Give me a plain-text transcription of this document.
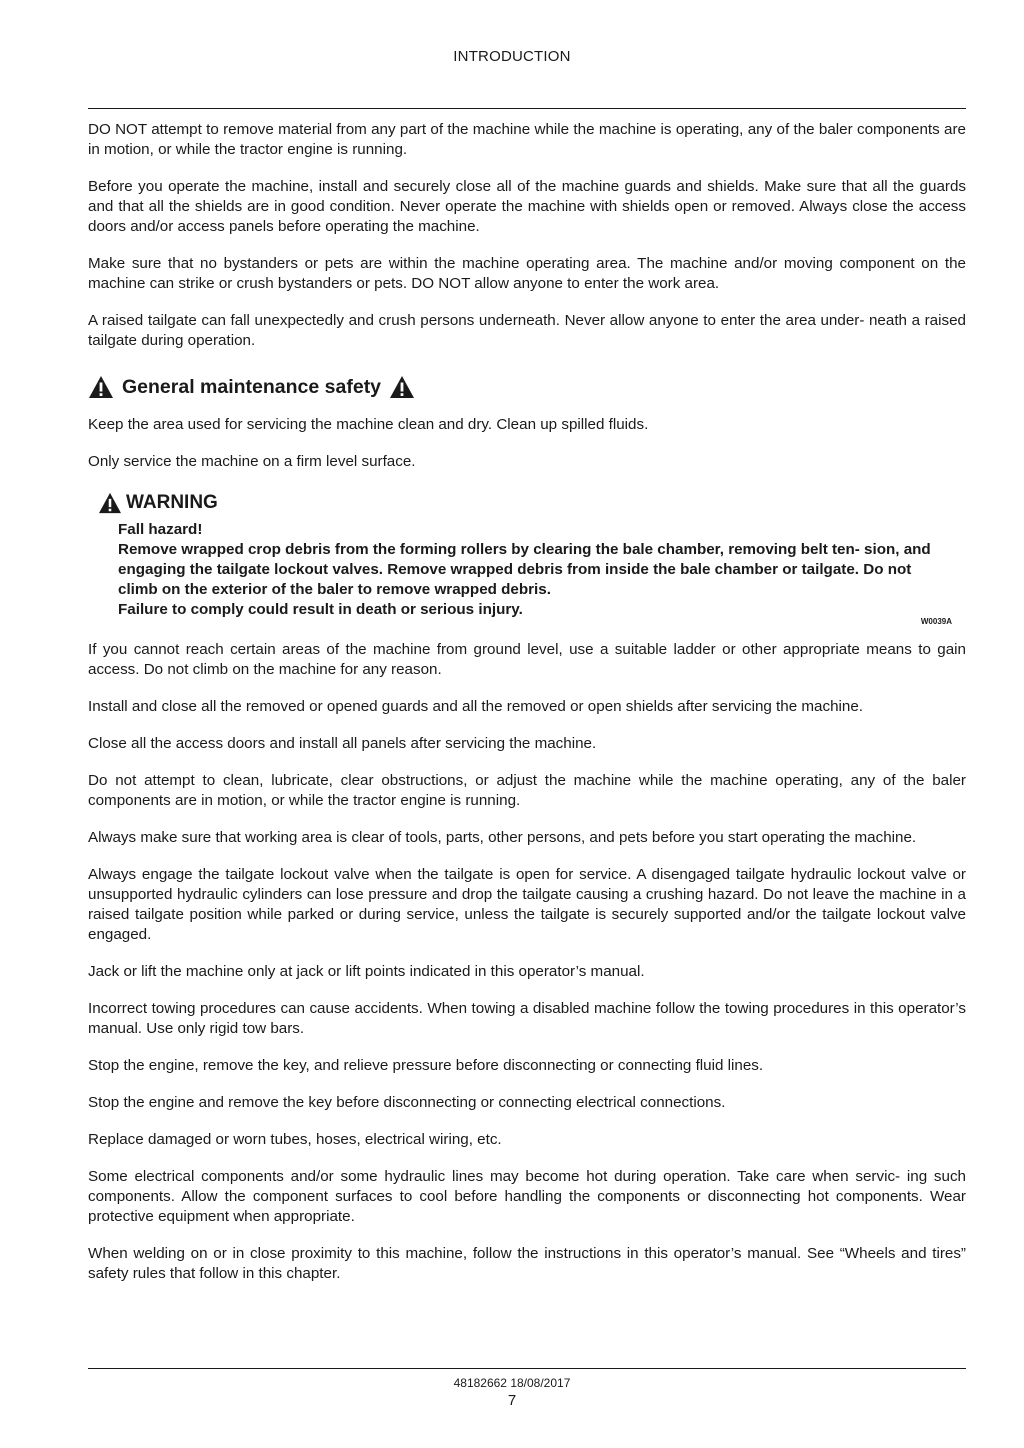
INTRODUCTION

DO NOT attempt to remove material from any part of the machine while the machine is operating, any of the baler components are in motion, or while the tractor engine is running.

Before you operate the machine, install and securely close all of the machine guards and shields. Make sure that all the guards and that all the shields are in good condition. Never operate the machine with shields open or removed. Always close the access doors and/or access panels before operating the machine.

Make sure that no bystanders or pets are within the machine operating area. The machine and/or moving component on the machine can strike or crush bystanders or pets. DO NOT allow anyone to enter the work area.

A raised tailgate can fall unexpectedly and crush persons underneath. Never allow anyone to enter the area under- neath a raised tailgate during operation.

General maintenance safety

Keep the area used for servicing the machine clean and dry. Clean up spilled fluids.

Only service the machine on a firm level surface.

WARNING
Fall hazard!
Remove wrapped crop debris from the forming rollers by clearing the bale chamber, removing belt ten- sion, and engaging the tailgate lockout valves. Remove wrapped debris from inside the bale chamber or tailgate. Do not climb on the exterior of the baler to remove wrapped debris.
Failure to comply could result in death or serious injury.
W0039A

If you cannot reach certain areas of the machine from ground level, use a suitable ladder or other appropriate means to gain access. Do not climb on the machine for any reason.

Install and close all the removed or opened guards and all the removed or open shields after servicing the machine.

Close all the access doors and install all panels after servicing the machine.

Do not attempt to clean, lubricate, clear obstructions, or adjust the machine while the machine operating, any of the baler components are in motion, or while the tractor engine is running.

Always make sure that working area is clear of tools, parts, other persons, and pets before you start operating the machine.

Always engage the tailgate lockout valve when the tailgate is open for service. A disengaged tailgate hydraulic lockout valve or unsupported hydraulic cylinders can lose pressure and drop the tailgate causing a crushing hazard. Do not leave the machine in a raised tailgate position while parked or during service, unless the tailgate is securely supported and/or the tailgate lockout valve engaged.

Jack or lift the machine only at jack or lift points indicated in this operator’s manual.

Incorrect towing procedures can cause accidents. When towing a disabled machine follow the towing procedures in this operator’s manual. Use only rigid tow bars.

Stop the engine, remove the key, and relieve pressure before disconnecting or connecting fluid lines.

Stop the engine and remove the key before disconnecting or connecting electrical connections.

Replace damaged or worn tubes, hoses, electrical wiring, etc.

Some electrical components and/or some hydraulic lines may become hot during operation. Take care when servic- ing such components. Allow the component surfaces to cool before handling the components or disconnecting hot components. Wear protective equipment when appropriate.

When welding on or in close proximity to this machine, follow the instructions in this operator’s manual. See “Wheels and tires” safety rules that follow in this chapter.

48182662 18/08/2017
7
